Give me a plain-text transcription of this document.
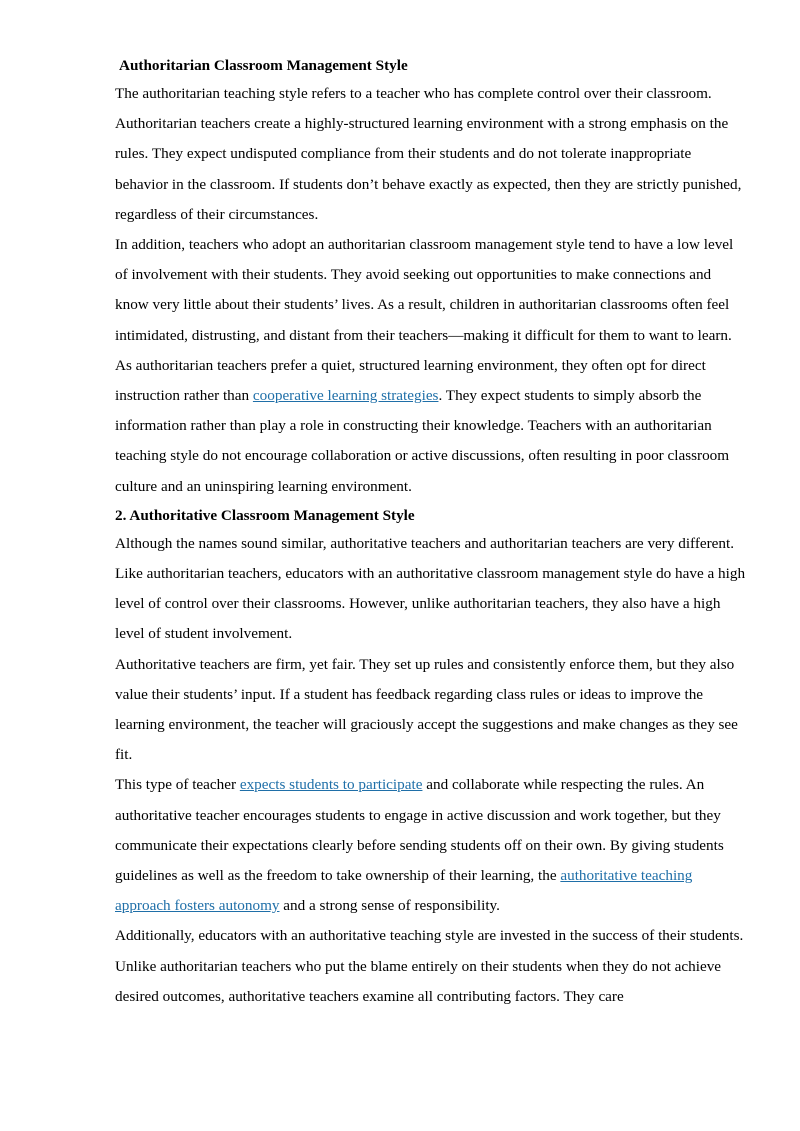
Authoritarian Classroom Management Style

The authoritarian teaching style refers to a teacher who has complete control over their classroom. Authoritarian teachers create a highly-structured learning environment with a strong emphasis on the rules. They expect undisputed compliance from their students and do not tolerate inappropriate behavior in the classroom. If students don’t behave exactly as expected, then they are strictly punished, regardless of their circumstances.

In addition, teachers who adopt an authoritarian classroom management style tend to have a low level of involvement with their students. They avoid seeking out opportunities to make connections and know very little about their students’ lives. As a result, children in authoritarian classrooms often feel intimidated, distrusting, and distant from their teachers—making it difficult for them to want to learn.

As authoritarian teachers prefer a quiet, structured learning environment, they often opt for direct instruction rather than cooperative learning strategies. They expect students to simply absorb the information rather than play a role in constructing their knowledge. Teachers with an authoritarian teaching style do not encourage collaboration or active discussions, often resulting in poor classroom culture and an uninspiring learning environment.

2. Authoritative Classroom Management Style

Although the names sound similar, authoritative teachers and authoritarian teachers are very different. Like authoritarian teachers, educators with an authoritative classroom management style do have a high level of control over their classrooms. However, unlike authoritarian teachers, they also have a high level of student involvement.

Authoritative teachers are firm, yet fair. They set up rules and consistently enforce them, but they also value their students’ input. If a student has feedback regarding class rules or ideas to improve the learning environment, the teacher will graciously accept the suggestions and make changes as they see fit.

This type of teacher expects students to participate and collaborate while respecting the rules. An authoritative teacher encourages students to engage in active discussion and work together, but they communicate their expectations clearly before sending students off on their own. By giving students guidelines as well as the freedom to take ownership of their learning, the authoritative teaching approach fosters autonomy and a strong sense of responsibility.

Additionally, educators with an authoritative teaching style are invested in the success of their students. Unlike authoritarian teachers who put the blame entirely on their students when they do not achieve desired outcomes, authoritative teachers examine all contributing factors. They care
